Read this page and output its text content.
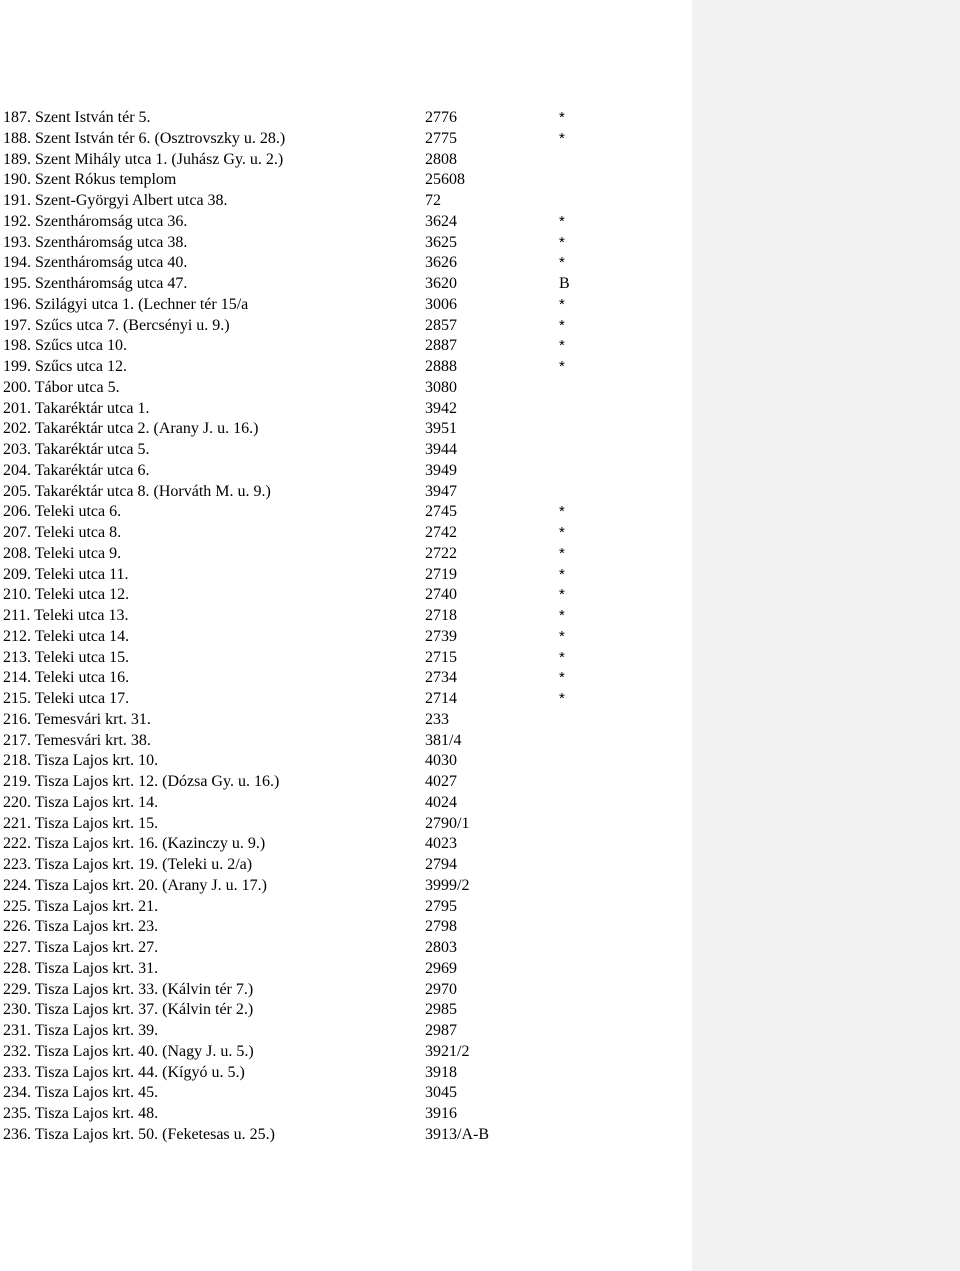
187. Szent István tér 5.	2776	*
188. Szent István tér 6. (Osztrovszky u. 28.)	2775	*
189. Szent Mihály utca 1. (Juhász Gy. u. 2.)	2808
190. Szent Rókus templom	25608
191. Szent-Györgyi Albert utca 38.	72
192. Szentháromság utca 36.	3624	*
193. Szentháromság utca 38.	3625	*
194. Szentháromság utca 40.	3626	*
195. Szentháromság utca 47.	3620	B
196. Szilágyi utca 1. (Lechner tér 15/a	3006	*
197. Szűcs utca 7. (Bercsényi u. 9.)	2857	*
198. Szűcs utca 10.	2887	*
199. Szűcs utca 12.	2888	*
200. Tábor utca 5.	3080
201. Takaréktár utca 1.	3942
202. Takaréktár utca 2. (Arany J. u. 16.)	3951
203. Takaréktár utca 5.	3944
204. Takaréktár utca 6.	3949
205. Takaréktár utca 8. (Horváth M. u. 9.)	3947
206. Teleki utca 6.	2745	*
207. Teleki utca 8.	2742	*
208. Teleki utca 9.	2722	*
209. Teleki utca 11.	2719	*
210. Teleki utca 12.	2740	*
211. Teleki utca 13.	2718	*
212. Teleki utca 14.	2739	*
213. Teleki utca 15.	2715	*
214. Teleki utca 16.	2734	*
215. Teleki utca 17.	2714	*
216. Temesvári krt. 31.	233
217. Temesvári krt. 38.	381/4
218. Tisza Lajos krt. 10.	4030
219. Tisza Lajos krt. 12. (Dózsa Gy. u. 16.)	4027
220. Tisza Lajos krt. 14.	4024
221. Tisza Lajos krt. 15.	2790/1
222. Tisza Lajos krt. 16. (Kazinczy u. 9.)	4023
223. Tisza Lajos krt. 19. (Teleki u. 2/a)	2794
224. Tisza Lajos krt. 20. (Arany J. u. 17.)	3999/2
225. Tisza Lajos krt. 21.	2795
226. Tisza Lajos krt. 23.	2798
227. Tisza Lajos krt. 27.	2803
228. Tisza Lajos krt. 31.	2969
229. Tisza Lajos krt. 33. (Kálvin tér 7.)	2970
230. Tisza Lajos krt. 37. (Kálvin tér 2.)	2985
231. Tisza Lajos krt. 39.	2987
232. Tisza Lajos krt. 40. (Nagy J. u. 5.)	3921/2
233. Tisza Lajos krt. 44. (Kígyó u. 5.)	3918
234. Tisza Lajos krt. 45.	3045
235. Tisza Lajos krt. 48.	3916
236. Tisza Lajos krt. 50. (Feketesas u. 25.)	3913/A-B
